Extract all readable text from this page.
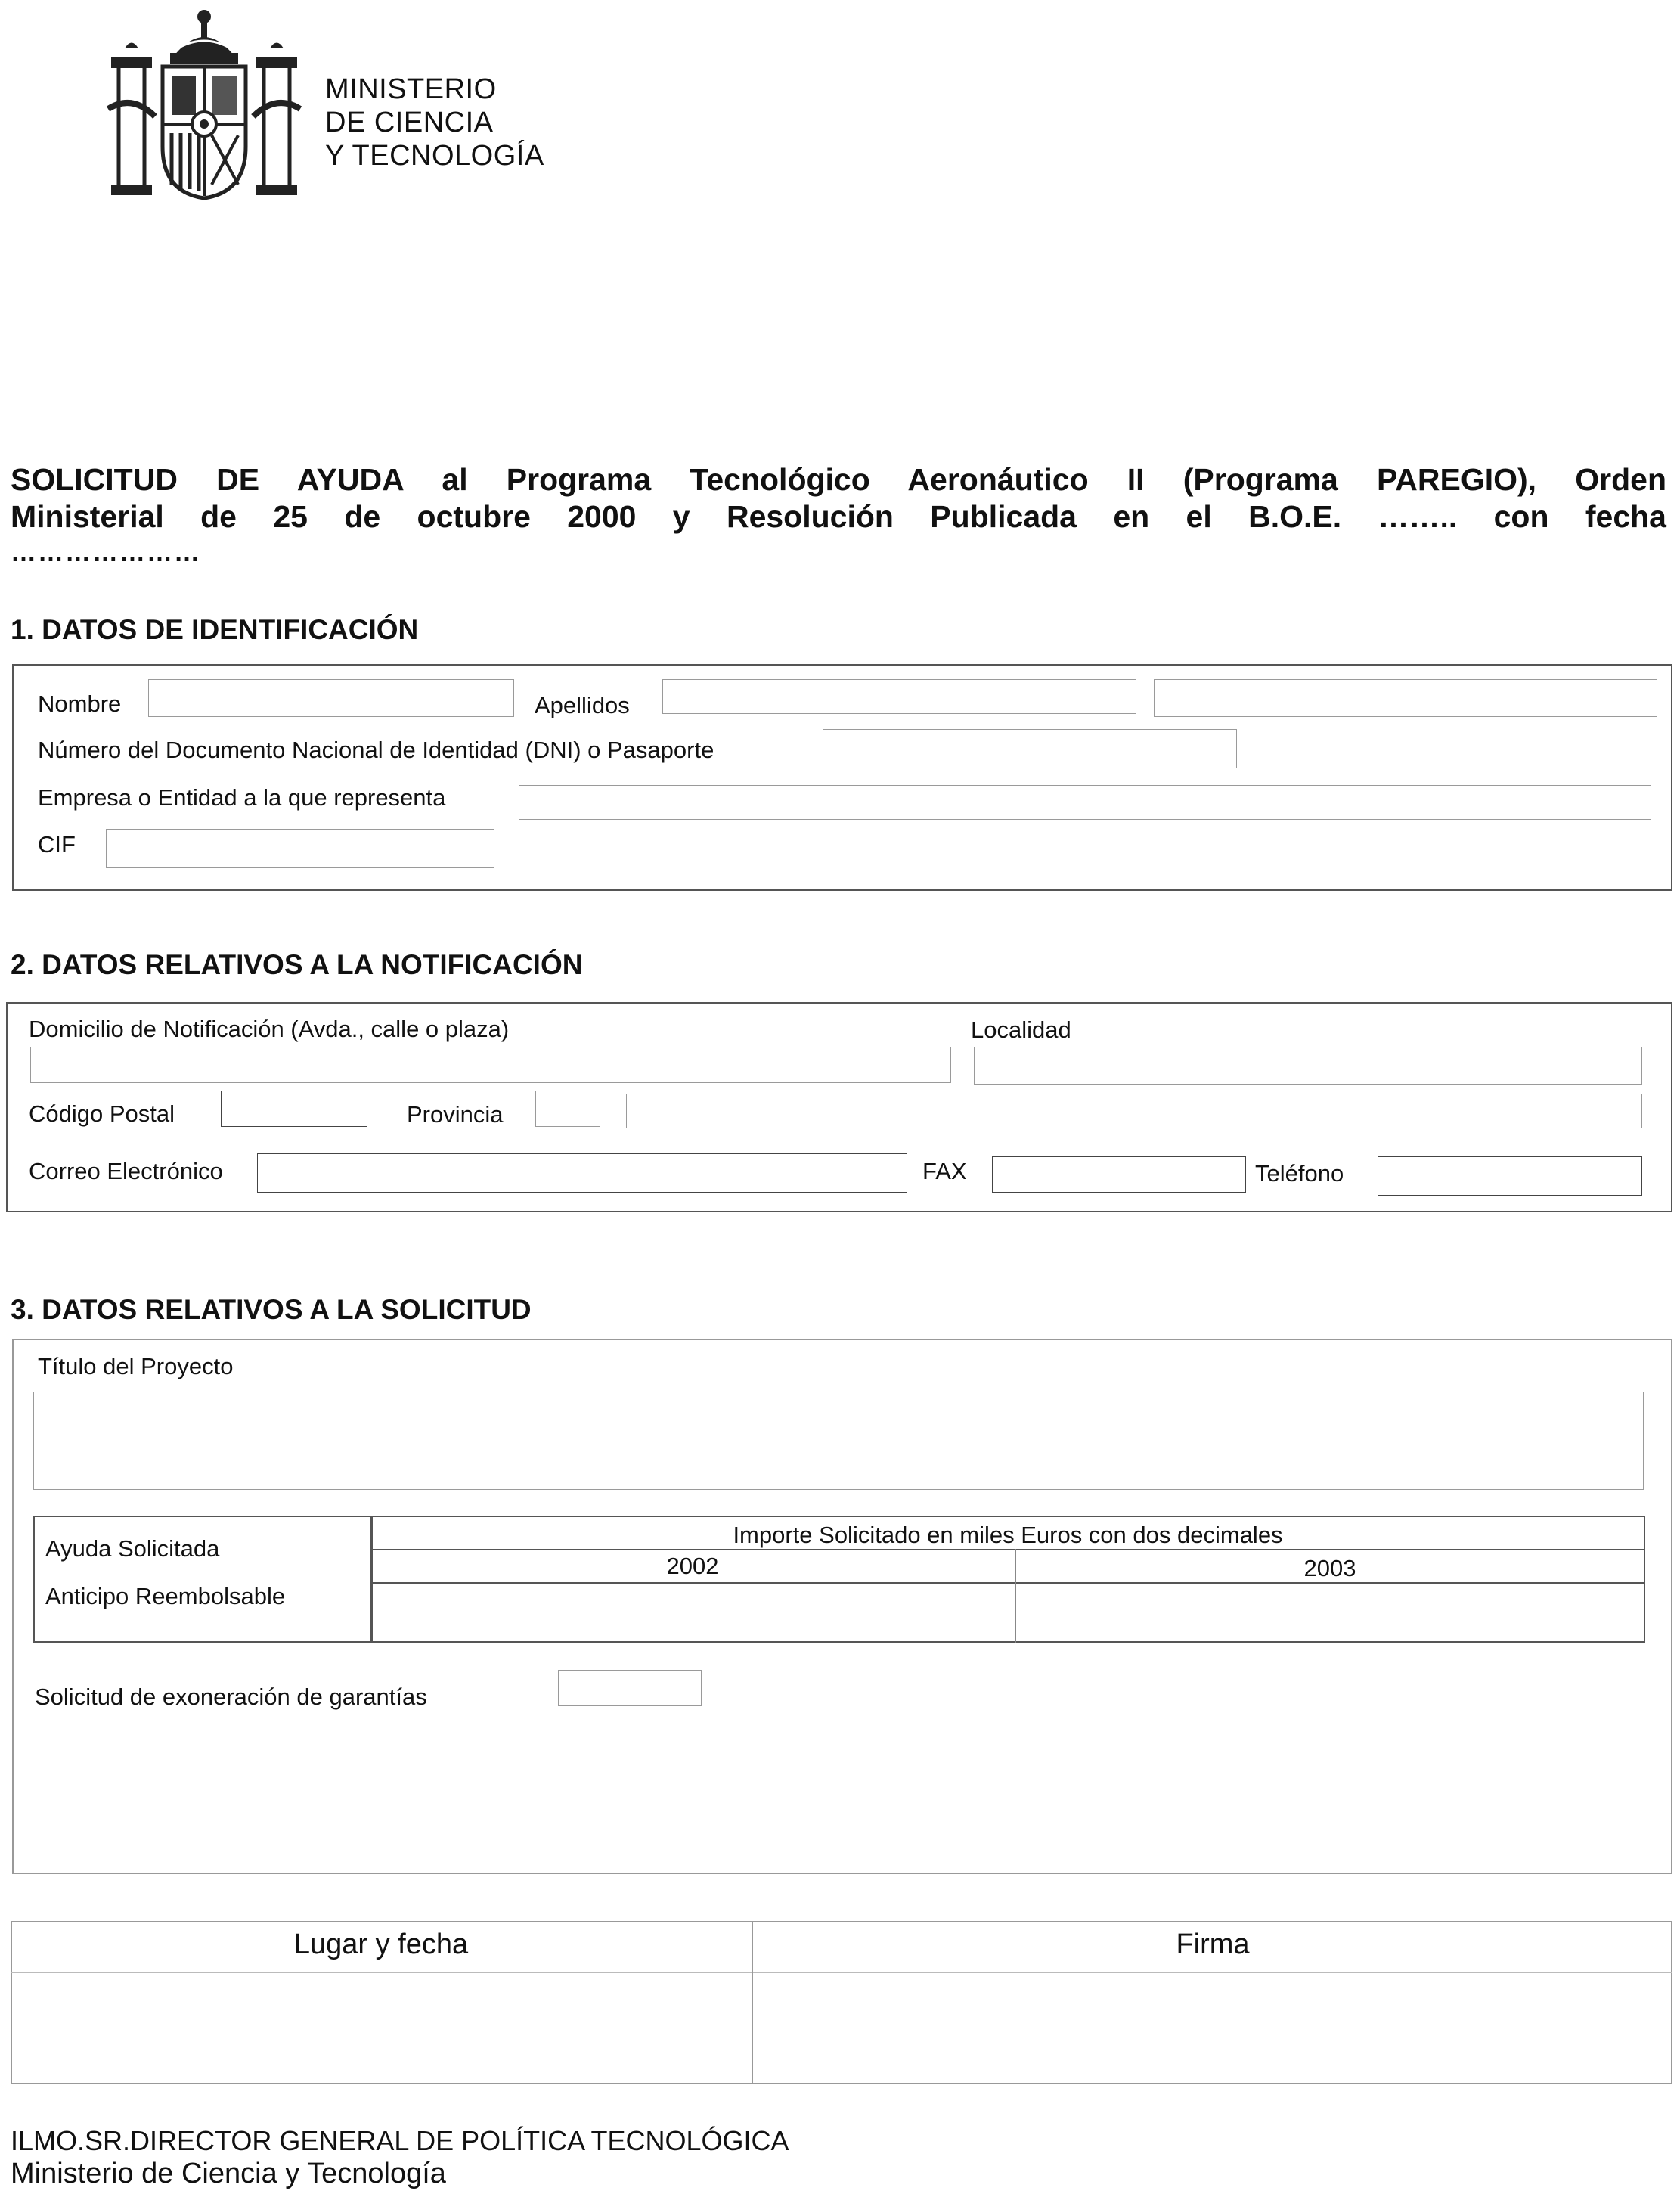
MINISTERIO
DE CIENCIA
Y TECNOLOGÍA
SOLICITUD DE AYUDA al Programa Tecnológico Aeronáutico II (Programa PAREGIO), Orden
Ministerial de 25 de octubre 2000 y Resolución Publicada en el B.O.E. …….. con fecha
…………………
1. DATOS DE IDENTIFICACIÓN
Nombre	Apellidos
Número del Documento Nacional de Identidad (DNI) o Pasaporte
Empresa o Entidad a la que representa
CIF
2. DATOS RELATIVOS A LA NOTIFICACIÓN
Domicilio de Notificación (Avda., calle o plaza)	Localidad
Código Postal	Provincia
Correo Electrónico	FAX	Teléfono
3. DATOS RELATIVOS A LA SOLICITUD
Título del Proyecto
Importe Solicitado en miles Euros con dos decimales
2002	2003
Ayuda Solicitada
Anticipo Reembolsable
Solicitud de exoneración de garantías
Lugar y fecha	Firma
ILMO.SR.DIRECTOR GENERAL DE POLÍTICA TECNOLÓGICA
Ministerio de Ciencia y Tecnología
